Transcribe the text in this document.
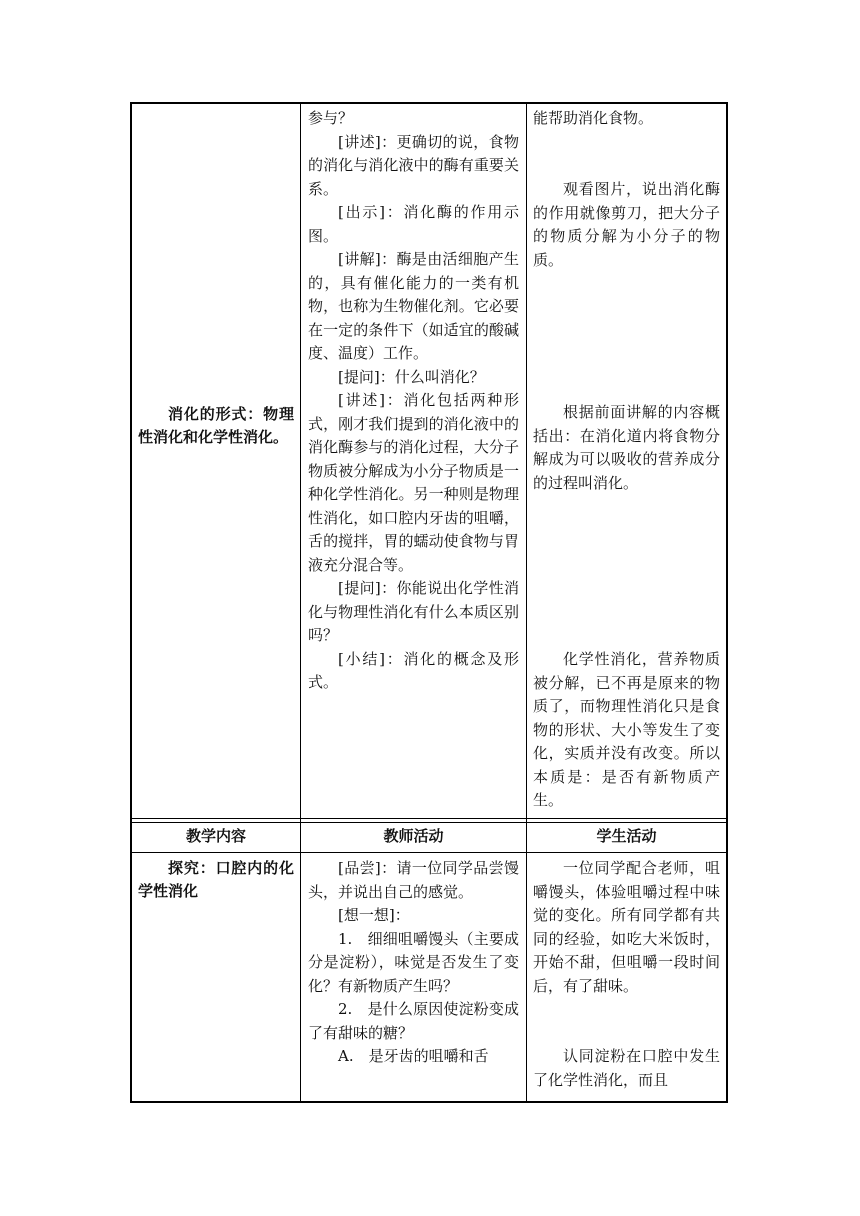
消化的形式：物理性消化和化学性消化。

参与？

[讲述]：更确切的说，食物的消化与消化液中的酶有重要关系。

[出示]：消化酶的作用示图。

[讲解]：酶是由活细胞产生的，具有催化能力的一类有机物，也称为生物催化剂。它必要在一定的条件下（如适宜的酸碱度、温度）工作。

[提问]：什么叫消化？

[讲述]：消化包括两种形式，刚才我们提到的消化液中的消化酶参与的消化过程，大分子物质被分解成为小分子物质是一种化学性消化。另一种则是物理性消化，如口腔内牙齿的咀嚼，舌的搅拌，胃的蠕动使食物与胃液充分混合等。

[提问]：你能说出化学性消化与物理性消化有什么本质区别吗？

[小结]：消化的概念及形式。

能帮助消化食物。

观看图片，说出消化酶的作用就像剪刀，把大分子的物质分解为小分子的物质。

根据前面讲解的内容概括出：在消化道内将食物分解成为可以吸收的营养成分的过程叫消化。

化学性消化，营养物质被分解，已不再是原来的物质了，而物理性消化只是食物的形状、大小等发生了变化，实质并没有改变。所以本质是：是否有新物质产生。

教学内容	教师活动	学生活动

探究：口腔内的化学性消化

[品尝]：请一位同学品尝馒头，并说出自己的感觉。

[想一想]：

1.　细细咀嚼馒头（主要成分是淀粉），味觉是否发生了变化？有新物质产生吗？

2.　是什么原因使淀粉变成了有甜味的糖？

A.　是牙齿的咀嚼和舌

一位同学配合老师，咀嚼馒头，体验咀嚼过程中味觉的变化。所有同学都有共同的经验，如吃大米饭时，开始不甜，但咀嚼一段时间后，有了甜味。

认同淀粉在口腔中发生了化学性消化，而且
